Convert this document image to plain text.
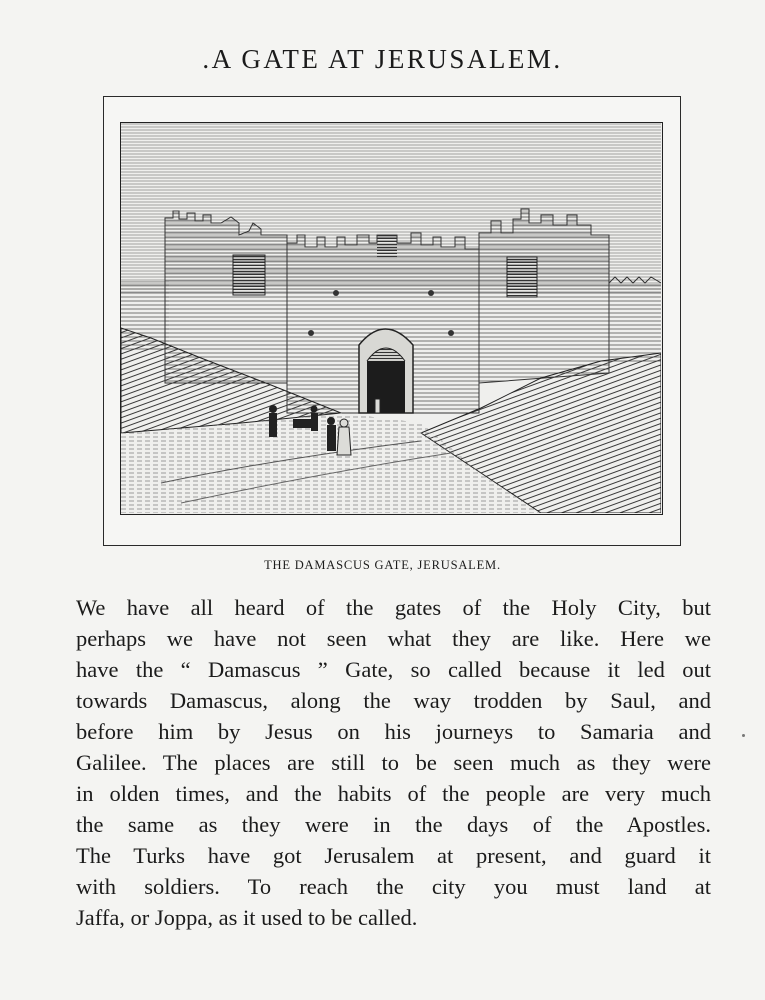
.A GATE AT JERUSALEM.
THE DAMASCUS GATE, JERUSALEM.
We have all heard of the gates of the Holy City, but
perhaps we have not seen what they are like. Here we
have the “ Damascus ” Gate, so called because it led out
towards Damascus, along the way trodden by Saul, and
before him by Jesus on his journeys to Samaria and
Galilee. The places are still to be seen much as they were
in olden times, and the habits of the people are very much
the same as they were in the days of the Apostles.
The Turks have got Jerusalem at present, and guard it
with soldiers. To reach the city you must land at
Jaffa, or Joppa, as it used to be called.
